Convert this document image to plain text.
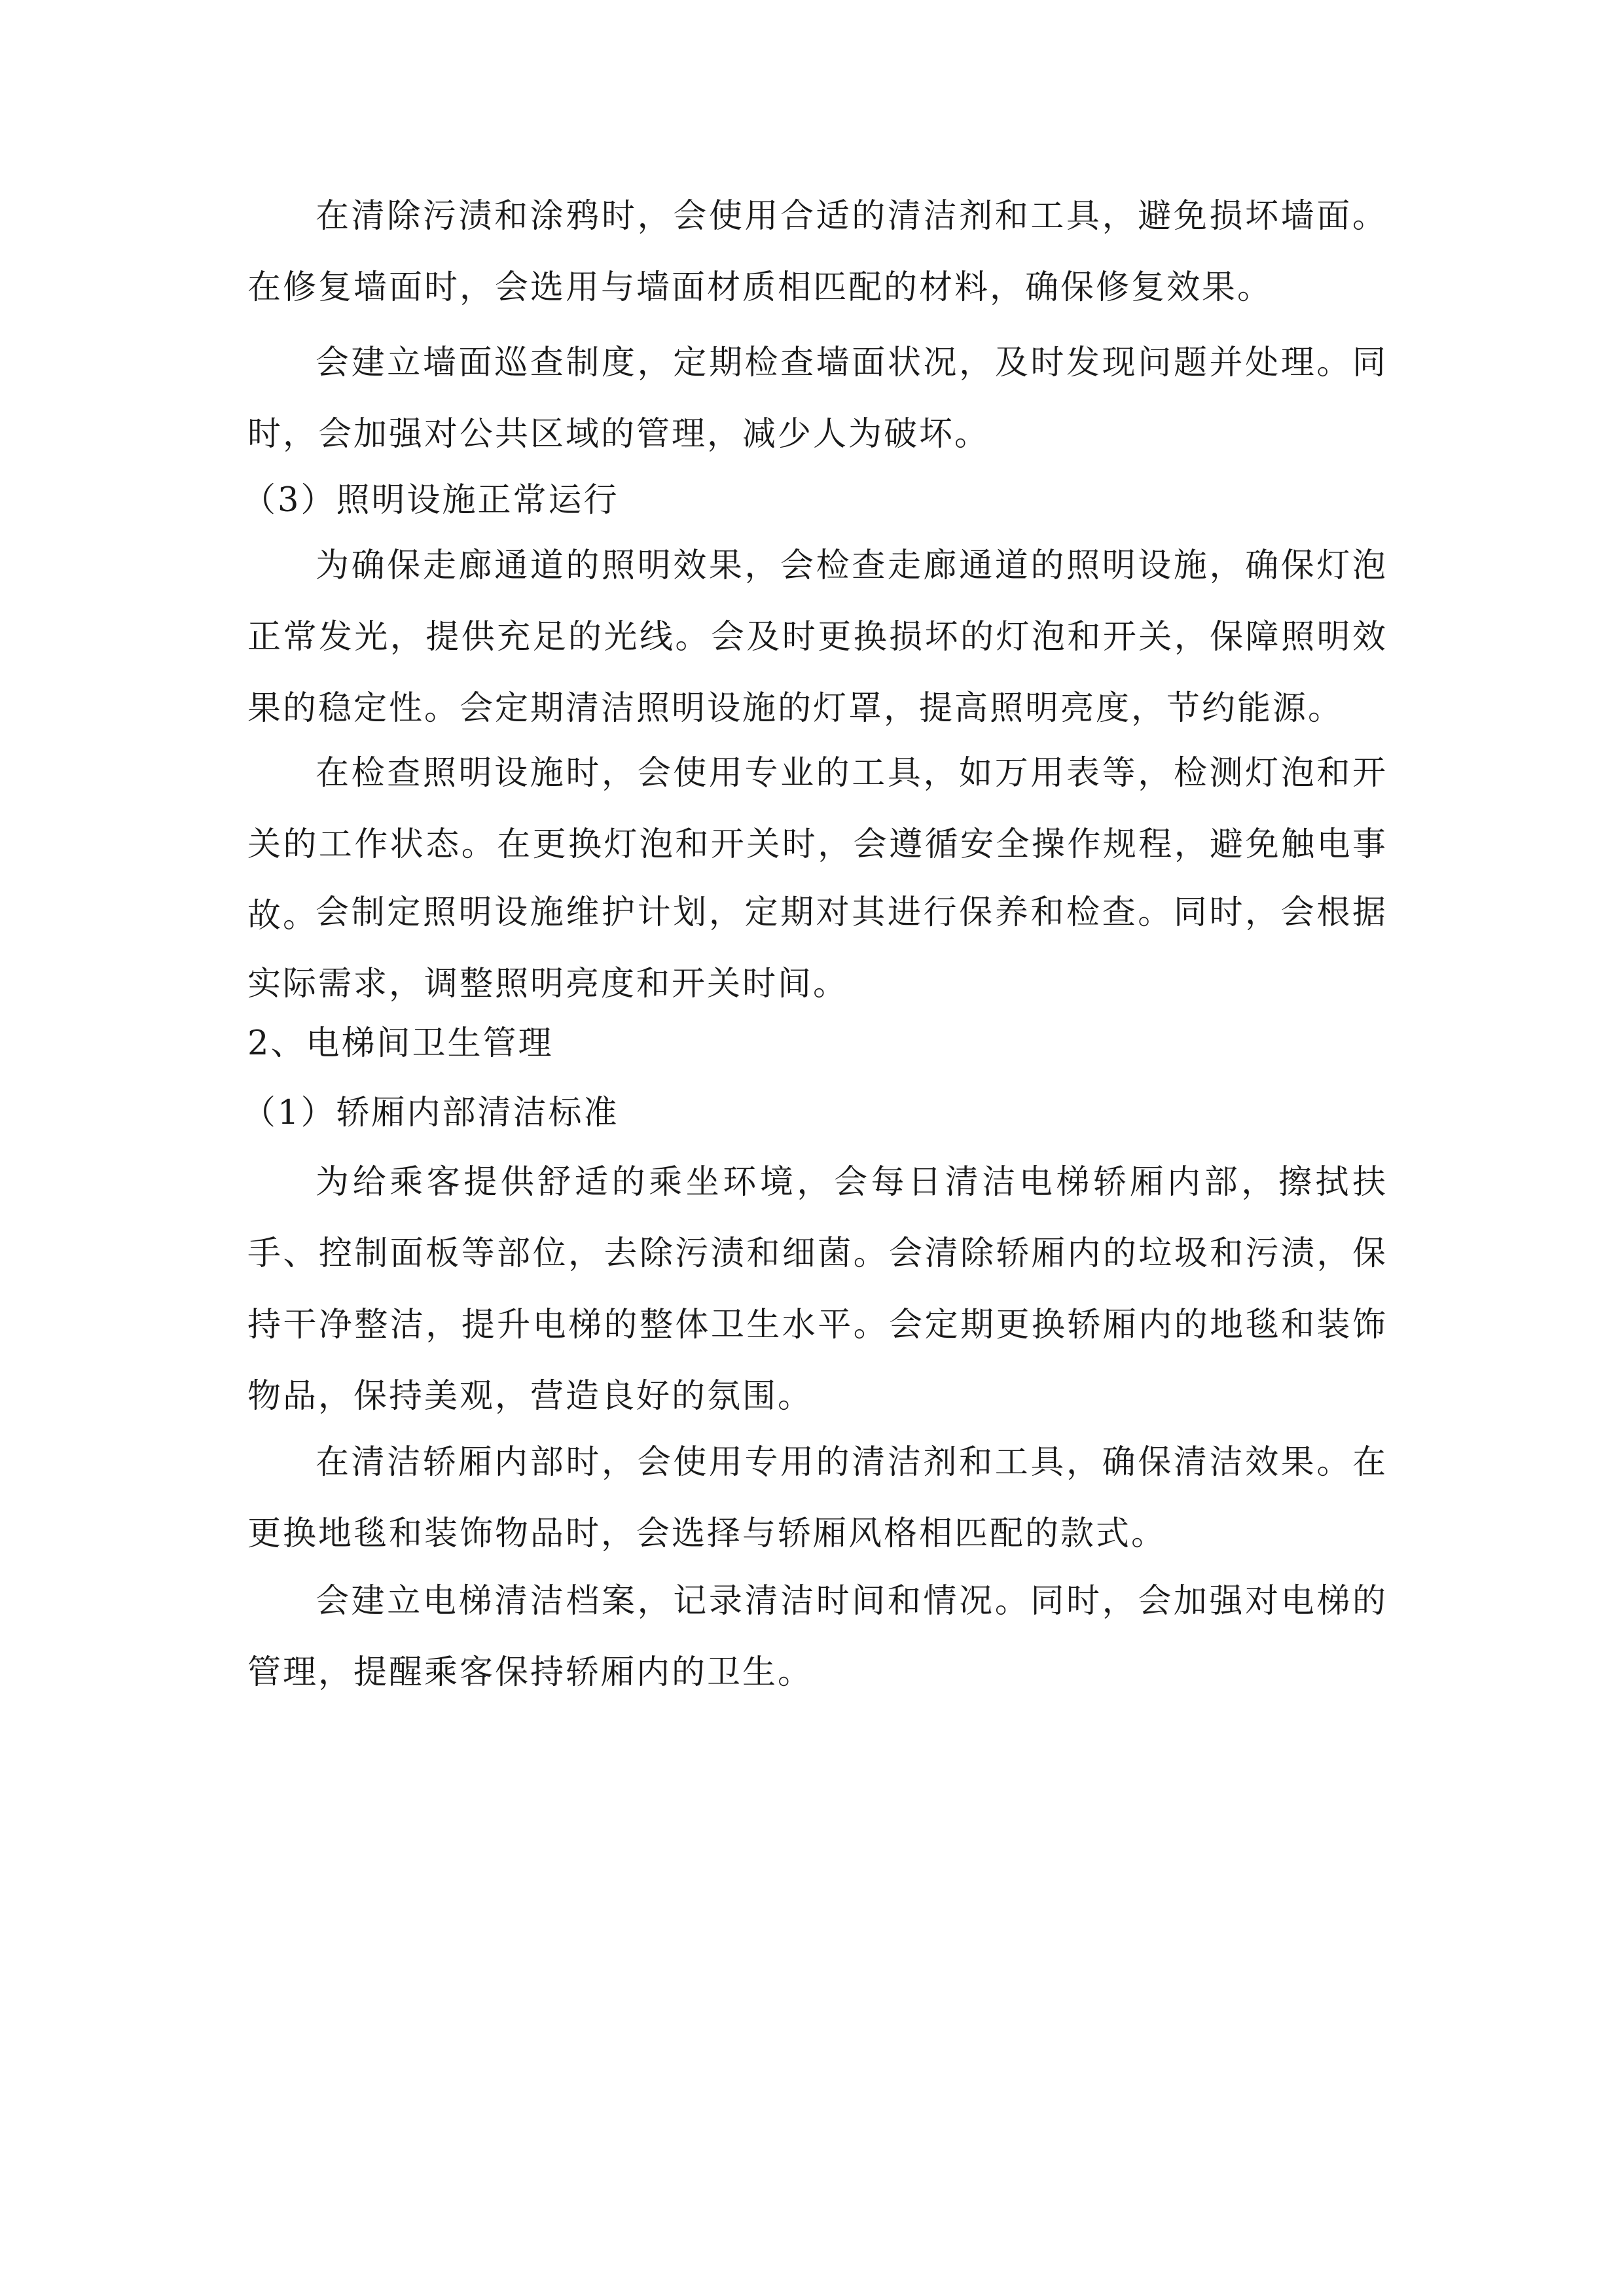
在清除污渍和涂鸦时，会使用合适的清洁剂和工具，避免损坏墙面。在修复墙面时，会选用与墙面材质相匹配的材料，确保修复效果。

会建立墙面巡查制度，定期检查墙面状况，及时发现问题并处理。同时，会加强对公共区域的管理，减少人为破坏。

（3）照明设施正常运行

为确保走廊通道的照明效果，会检查走廊通道的照明设施，确保灯泡正常发光，提供充足的光线。会及时更换损坏的灯泡和开关，保障照明效果的稳定性。会定期清洁照明设施的灯罩，提高照明亮度，节约能源。

在检查照明设施时，会使用专业的工具，如万用表等，检测灯泡和开关的工作状态。在更换灯泡和开关时，会遵循安全操作规程，避免触电事故。

会制定照明设施维护计划，定期对其进行保养和检查。同时，会根据实际需求，调整照明亮度和开关时间。

2、电梯间卫生管理

（1）轿厢内部清洁标准

为给乘客提供舒适的乘坐环境，会每日清洁电梯轿厢内部，擦拭扶手、控制面板等部位，去除污渍和细菌。会清除轿厢内的垃圾和污渍，保持干净整洁，提升电梯的整体卫生水平。会定期更换轿厢内的地毯和装饰物品，保持美观，营造良好的氛围。

在清洁轿厢内部时，会使用专用的清洁剂和工具，确保清洁效果。在更换地毯和装饰物品时，会选择与轿厢风格相匹配的款式。

会建立电梯清洁档案，记录清洁时间和情况。同时，会加强对电梯的管理，提醒乘客保持轿厢内的卫生。
